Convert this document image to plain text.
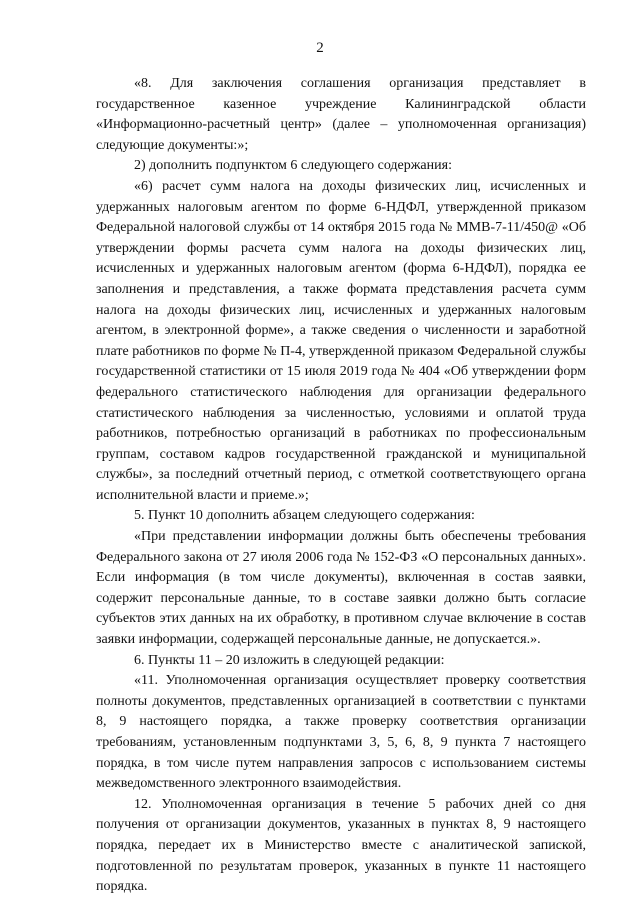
2

«8. Для заключения соглашения организация представляет в государственное казенное учреждение Калининградской области «Информационно-расчетный центр» (далее – уполномоченная организация) следующие документы:»;

2) дополнить подпунктом 6 следующего содержания:

«6) расчет сумм налога на доходы физических лиц, исчисленных и удержанных налоговым агентом по форме 6-НДФЛ, утвержденной приказом Федеральной налоговой службы от 14 октября 2015 года № ММВ-7-11/450@ «Об утверждении формы расчета сумм налога на доходы физических лиц, исчисленных и удержанных налоговым агентом (форма 6-НДФЛ), порядка ее заполнения и представления, а также формата представления расчета сумм налога на доходы физических лиц, исчисленных и удержанных налоговым агентом, в электронной форме», а также сведения о численности и заработной плате работников по форме № П-4, утвержденной приказом Федеральной службы государственной статистики от 15 июля 2019 года № 404 «Об утверждении форм федерального статистического наблюдения для организации федерального статистического наблюдения за численностью, условиями и оплатой труда работников, потребностью организаций в работниках по профессиональным группам, составом кадров государственной гражданской и муниципальной службы», за последний отчетный период, с отметкой соответствующего органа исполнительной власти и приеме.»;

5. Пункт 10 дополнить абзацем следующего содержания:

«При представлении информации должны быть обеспечены требования Федерального закона от 27 июля 2006 года № 152-ФЗ «О персональных данных». Если информация (в том числе документы), включенная в состав заявки, содержит персональные данные, то в составе заявки должно быть согласие субъектов этих данных на их обработку, в противном случае включение в состав заявки информации, содержащей персональные данные, не допускается.».

6. Пункты 11 – 20 изложить в следующей редакции:

«11. Уполномоченная организация осуществляет проверку соответствия полноты документов, представленных организацией в соответствии с пунктами 8, 9 настоящего порядка, а также проверку соответствия организации требованиям, установленным подпунктами 3, 5, 6, 8, 9 пункта 7 настоящего порядка, в том числе путем направления запросов с использованием системы межведомственного электронного взаимодействия.

12. Уполномоченная организация в течение 5 рабочих дней со дня получения от организации документов, указанных в пунктах 8, 9 настоящего порядка, передает их в Министерство вместе с аналитической запиской, подготовленной по результатам проверок, указанных в пункте 11 настоящего порядка.
